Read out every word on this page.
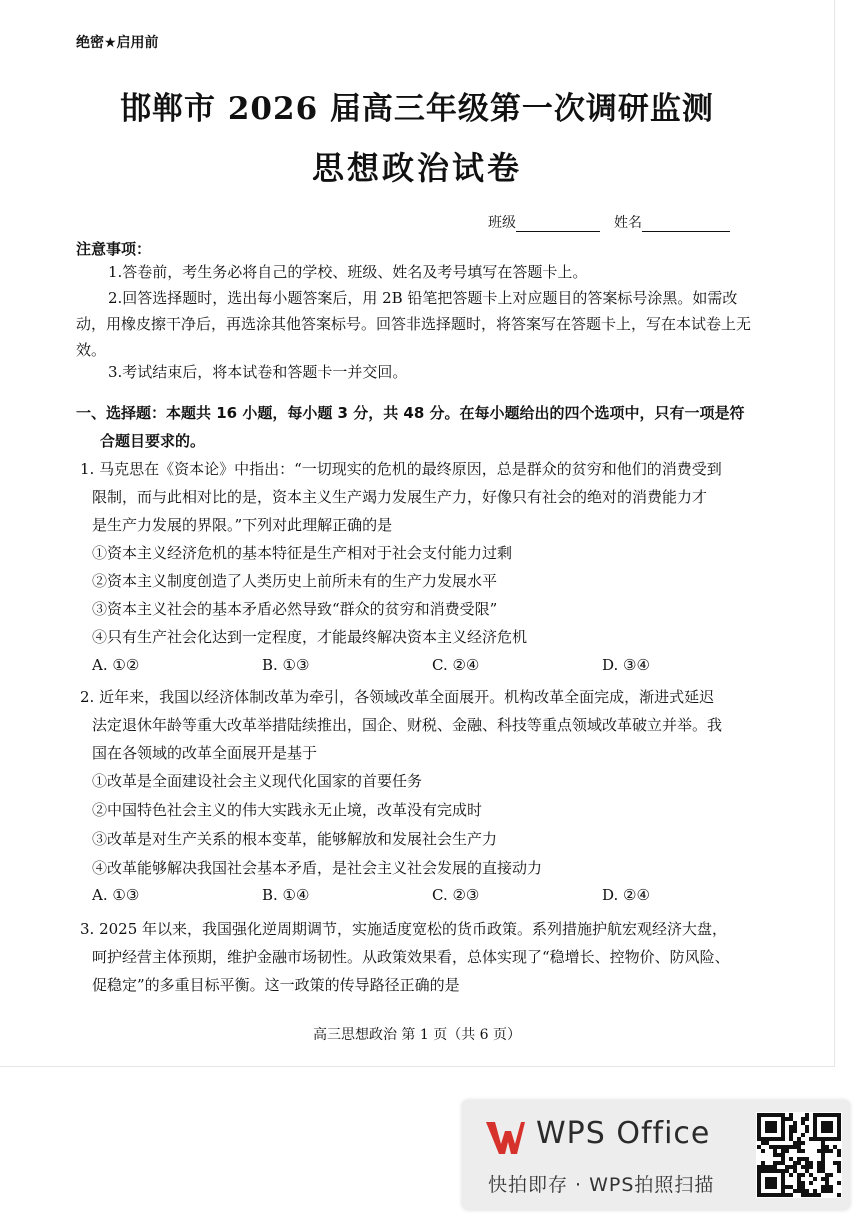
绝密★启用前
邯郸市 2026 届高三年级第一次调研监测
思想政治试卷
班级	姓名
注意事项：
1.答卷前，考生务必将自己的学校、班级、姓名及考号填写在答题卡上。
2.回答选择题时，选出每小题答案后，用 2B 铅笔把答题卡上对应题目的答案标号涂黑。如需改动，用橡皮擦干净后，再选涂其他答案标号。回答非选择题时，将答案写在答题卡上，写在本试卷上无效。
3.考试结束后，将本试卷和答题卡一并交回。
一、选择题：本题共 16 小题，每小题 3 分，共 48 分。在每小题给出的四个选项中，只有一项是符
合题目要求的。
1. 马克思在《资本论》中指出：“一切现实的危机的最终原因，总是群众的贫穷和他们的消费受到
限制，而与此相对比的是，资本主义生产竭力发展生产力，好像只有社会的绝对的消费能力才
是生产力发展的界限。”下列对此理解正确的是
①资本主义经济危机的基本特征是生产相对于社会支付能力过剩
②资本主义制度创造了人类历史上前所未有的生产力发展水平
③资本主义社会的基本矛盾必然导致“群众的贫穷和消费受限”
④只有生产社会化达到一定程度，才能最终解决资本主义经济危机
A. ①②	B. ①③	C. ②④	D. ③④
2. 近年来，我国以经济体制改革为牵引，各领域改革全面展开。机构改革全面完成，渐进式延迟
法定退休年龄等重大改革举措陆续推出，国企、财税、金融、科技等重点领域改革破立并举。我
国在各领域的改革全面展开是基于
①改革是全面建设社会主义现代化国家的首要任务
②中国特色社会主义的伟大实践永无止境，改革没有完成时
③改革是对生产关系的根本变革，能够解放和发展社会生产力
④改革能够解决我国社会基本矛盾，是社会主义社会发展的直接动力
A. ①③	B. ①④	C. ②③	D. ②④
3. 2025 年以来，我国强化逆周期调节，实施适度宽松的货币政策。系列措施护航宏观经济大盘，
呵护经营主体预期，维护金融市场韧性。从政策效果看，总体实现了“稳增长、控物价、防风险、
促稳定”的多重目标平衡。这一政策的传导路径正确的是
高三思想政治 第 1 页（共 6 页）
WPS Office
快拍即存 · WPS拍照扫描
